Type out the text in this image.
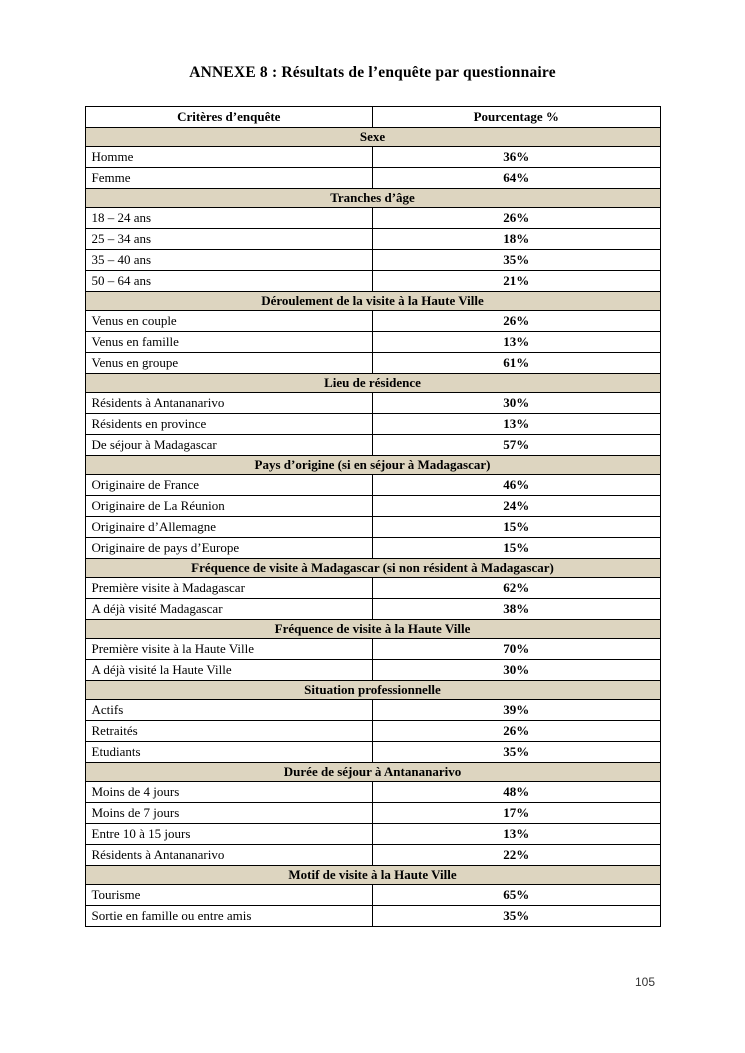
ANNEXE 8 : Résultats de l’enquête par questionnaire
Critères d’enquête	Pourcentage %
Sexe	
Homme	36%
Femme	64%
Tranches d’âge	
18 – 24 ans	26%
25 – 34 ans	18%
35 – 40 ans	35%
50 – 64 ans	21%
Déroulement de la visite à la Haute Ville	
Venus en couple	26%
Venus en famille	13%
Venus en groupe	61%
Lieu de résidence	
Résidents à Antananarivo	30%
Résidents en province	13%
De séjour à Madagascar	57%
Pays d’origine (si en séjour à Madagascar)	
Originaire de France	46%
Originaire de La Réunion	24%
Originaire d’Allemagne	15%
Originaire de pays d’Europe	15%
Fréquence de visite à Madagascar (si non résident à Madagascar)	
Première visite à Madagascar	62%
A déjà visité Madagascar	38%
Fréquence de visite à la Haute Ville	
Première visite à la Haute Ville	70%
A déjà visité la Haute Ville	30%
Situation professionnelle	
Actifs	39%
Retraités	26%
Etudiants	35%
Durée de séjour à Antananarivo	
Moins de 4 jours	48%
Moins de 7 jours	17%
Entre 10 à 15 jours	13%
Résidents à Antananarivo	22%
Motif de visite à la Haute Ville	
Tourisme	65%
Sortie en famille ou entre amis	35%
105
